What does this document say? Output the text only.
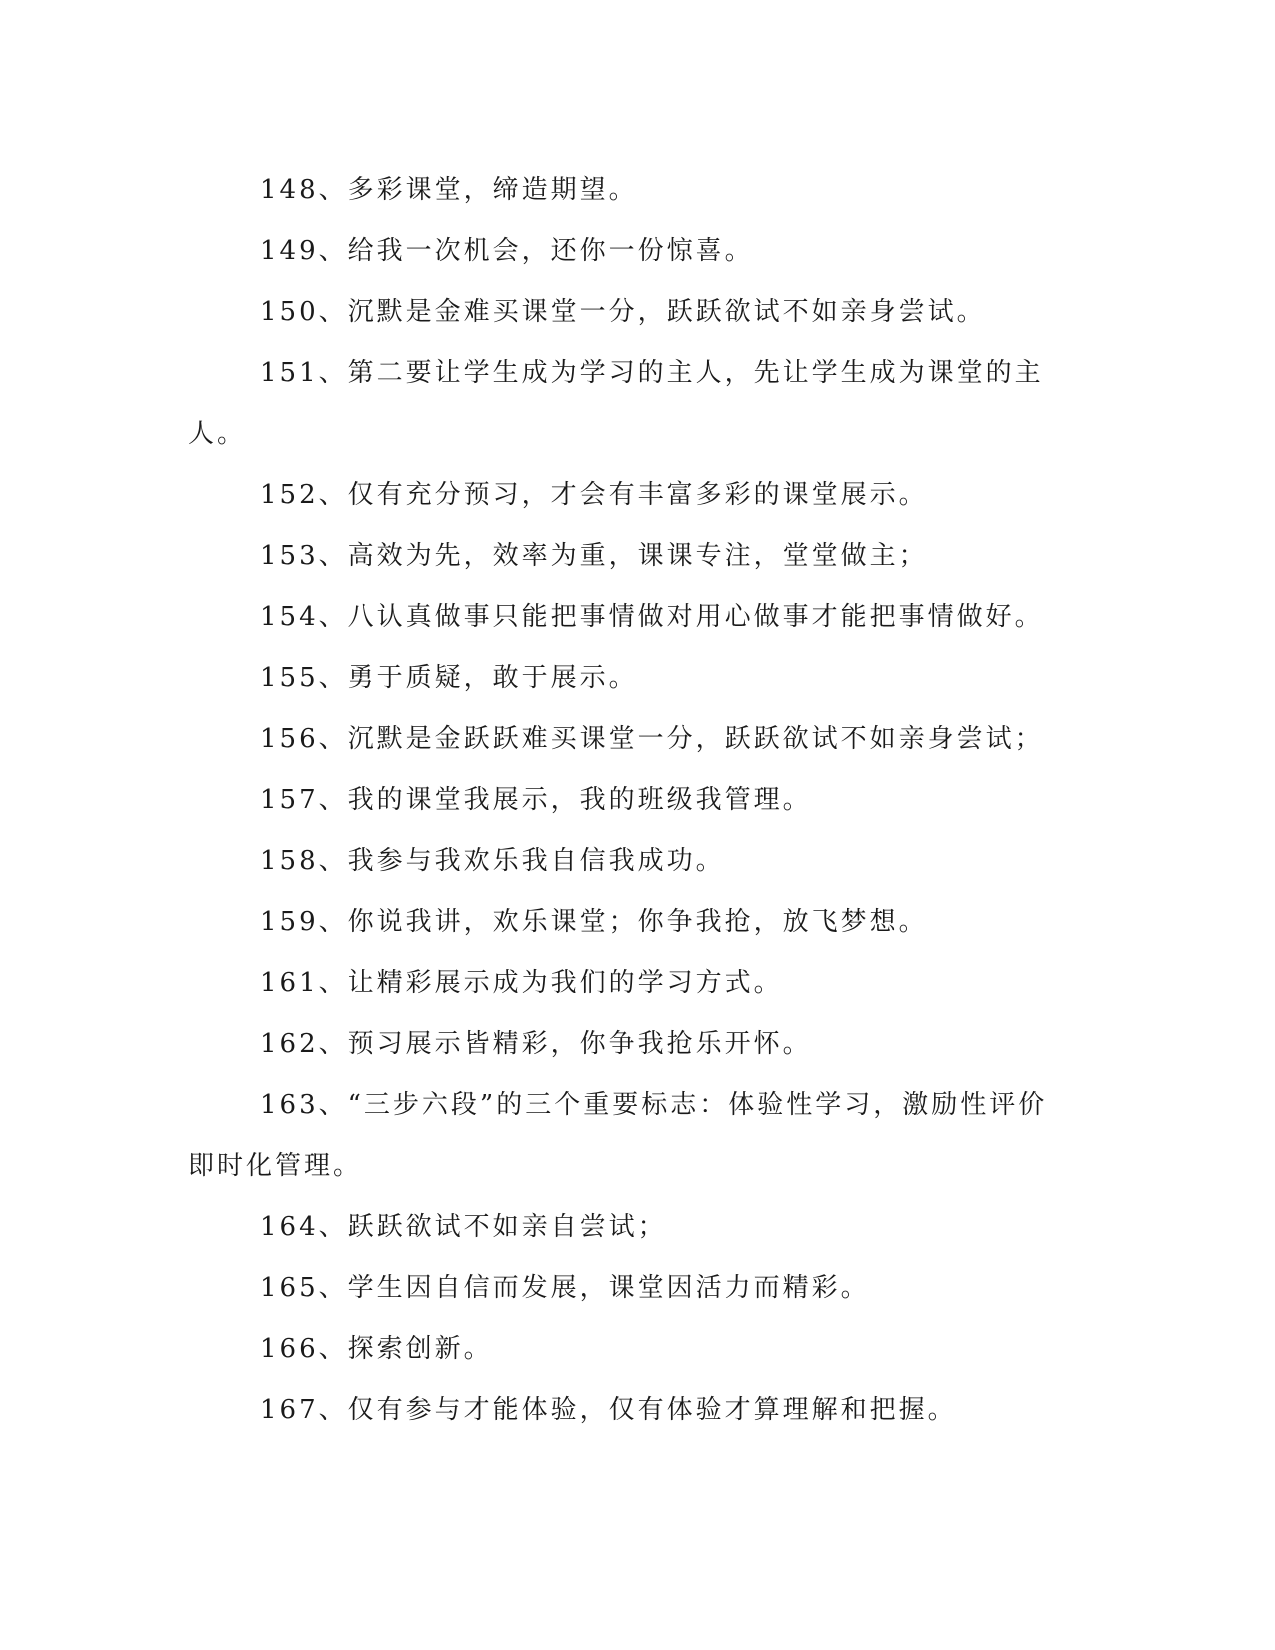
148、多彩课堂，缔造期望。

149、给我一次机会，还你一份惊喜。

150、沉默是金难买课堂一分，跃跃欲试不如亲身尝试。

151、第二要让学生成为学习的主人，先让学生成为课堂的主人。

152、仅有充分预习，才会有丰富多彩的课堂展示。

153、高效为先，效率为重，课课专注，堂堂做主；

154、八认真做事只能把事情做对用心做事才能把事情做好。

155、勇于质疑，敢于展示。

156、沉默是金跃跃难买课堂一分，跃跃欲试不如亲身尝试；

157、我的课堂我展示，我的班级我管理。

158、我参与我欢乐我自信我成功。

159、你说我讲，欢乐课堂；你争我抢，放飞梦想。

161、让精彩展示成为我们的学习方式。

162、预习展示皆精彩，你争我抢乐开怀。

163、“三步六段”的三个重要标志：体验性学习，激励性评价即时化管理。

164、跃跃欲试不如亲自尝试；

165、学生因自信而发展，课堂因活力而精彩。

166、探索创新。

167、仅有参与才能体验，仅有体验才算理解和把握。
